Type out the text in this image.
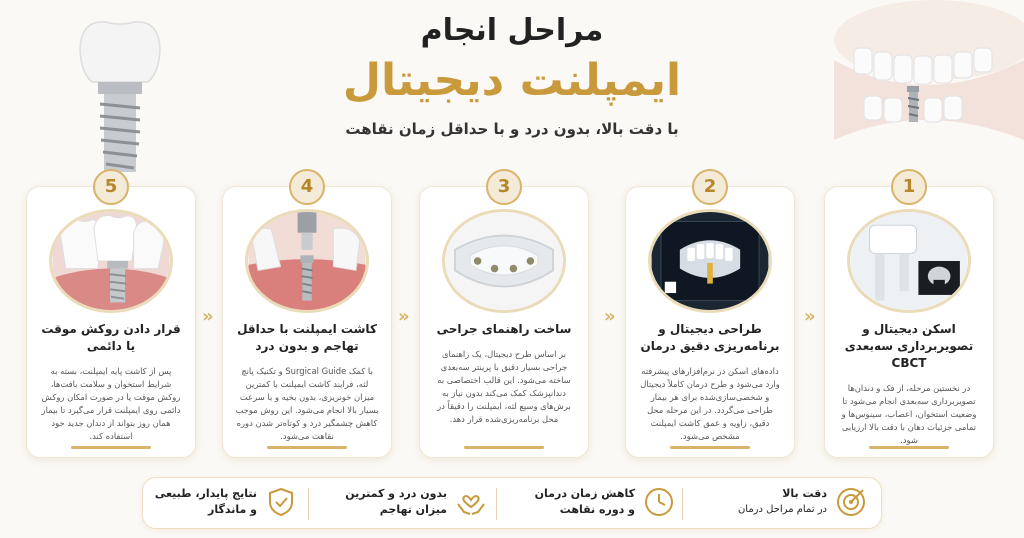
مراحل انجام
ایمپلنت دیجیتال
با دقت بالا، بدون درد و با حداقل زمان نقاهت
5
قرار دادن روکش موقت یا دائمی
پس از کاشت پایه ایمپلنت، بسته به شرایط استخوان و سلامت بافت‌ها، روکش موقت یا در صورت امکان روکش دائمی روی ایمپلنت قرار می‌گیرد تا بیمار همان روز بتواند از دندان جدید خود استفاده کند.
»
4
کاشت ایمپلنت با حداقل تهاجم و بدون درد
با کمک Surgical Guide و تکنیک پانچ لثه، فرایند کاشت ایمپلنت با کمترین میزان خونریزی، بدون بخیه و با سرعت بسیار بالا انجام می‌شود. این روش موجب کاهش چشمگیر درد و کوتاه‌تر شدن دوره نقاهت می‌شود.
»
3
ساخت راهنمای جراحی
بر اساس طرح دیجیتال، یک راهنمای جراحی بسیار دقیق با پرینتر سه‌بعدی ساخته می‌شود. این قالب اختصاصی به دندانپزشک کمک می‌کند بدون نیاز به برش‌های وسیع لثه، ایمپلنت را دقیقاً در محل برنامه‌ریزی‌شده قرار دهد.
»
2
طراحی دیجیتال و برنامه‌ریزی دقیق درمان
داده‌های اسکن در نرم‌افزارهای پیشرفته وارد می‌شود و طرح درمان کاملاً دیجیتال و شخصی‌سازی‌شده برای هر بیمار طراحی می‌گردد. در این مرحله محل دقیق، زاویه و عمق کاشت ایمپلنت مشخص می‌شود.
»
1
اسکن دیجیتال و تصویربرداری سه‌بعدی CBCT
در نخستین مرحله، از فک و دندان‌ها تصویربرداری سه‌بعدی انجام می‌شود تا وضعیت استخوان، اعصاب، سینوس‌ها و تمامی جزئیات دهان با دقت بالا ارزیابی شود.
دقت بالا
در تمام مراحل درمان
کاهش زمان درمان
و دوره نقاهت
بدون درد و کمترین
میزان تهاجم
نتایج پایدار، طبیعی
و ماندگار
